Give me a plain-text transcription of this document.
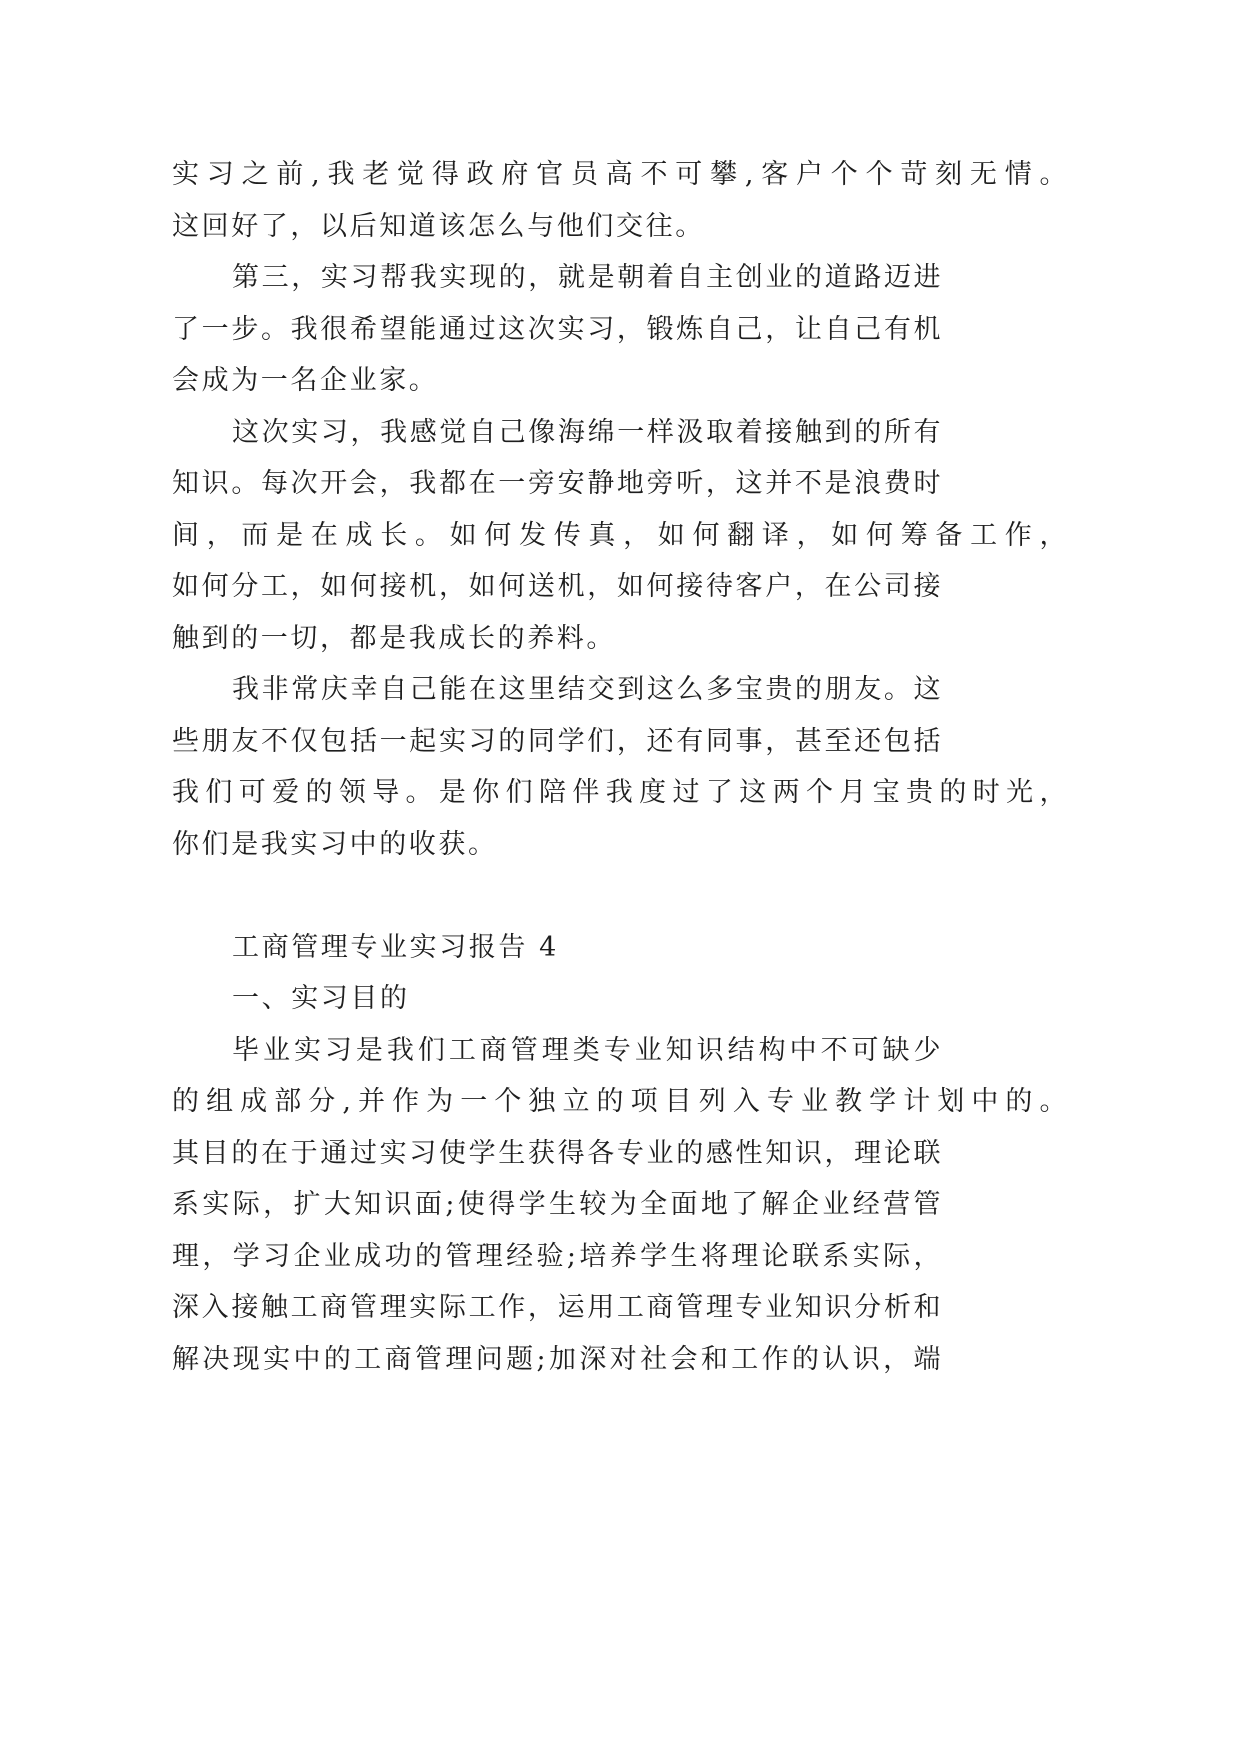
实习之前,我老觉得政府官员高不可攀,客户个个苛刻无情。
这回好了，以后知道该怎么与他们交往。
第三，实习帮我实现的，就是朝着自主创业的道路迈进
了一步。我很希望能通过这次实习，锻炼自己，让自己有机
会成为一名企业家。
这次实习，我感觉自己像海绵一样汲取着接触到的所有
知识。每次开会，我都在一旁安静地旁听，这并不是浪费时
间，而是在成长。如何发传真，如何翻译，如何筹备工作，
如何分工，如何接机，如何送机，如何接待客户，在公司接
触到的一切，都是我成长的养料。
我非常庆幸自己能在这里结交到这么多宝贵的朋友。这
些朋友不仅包括一起实习的同学们，还有同事，甚至还包括
我们可爱的领导。是你们陪伴我度过了这两个月宝贵的时光，
你们是我实习中的收获。
工商管理专业实习报告 4
一、实习目的
毕业实习是我们工商管理类专业知识结构中不可缺少
的组成部分,并作为一个独立的项目列入专业教学计划中的。
其目的在于通过实习使学生获得各专业的感性知识，理论联
系实际，扩大知识面;使得学生较为全面地了解企业经营管
理，学习企业成功的管理经验;培养学生将理论联系实际，
深入接触工商管理实际工作，运用工商管理专业知识分析和
解决现实中的工商管理问题;加深对社会和工作的认识，端
